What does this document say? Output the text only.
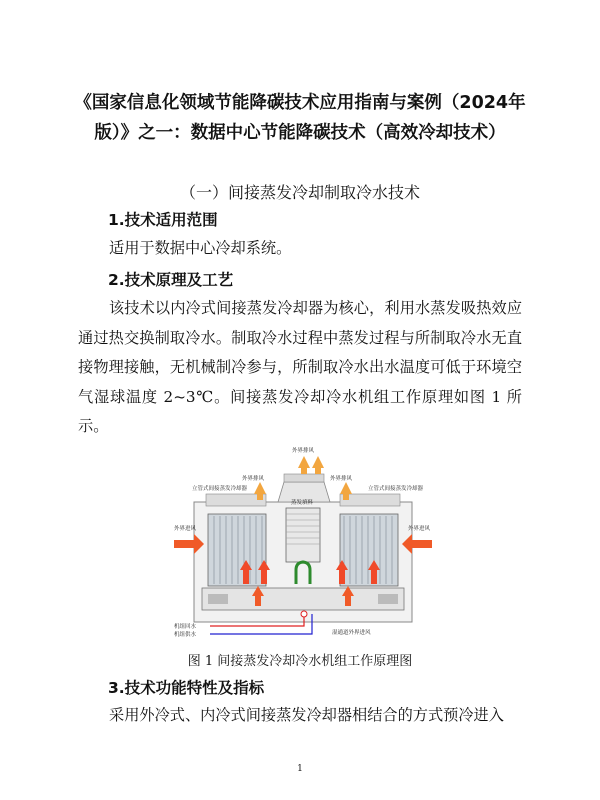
《国家信息化领域节能降碳技术应用指南与案例（2024年版）》之一：数据中心节能降碳技术（高效冷却技术）

（一）间接蒸发冷却制取冷水技术

1.技术适用范围

适用于数据中心冷却系统。

2.技术原理及工艺

该技术以内冷式间接蒸发冷却器为核心，利用水蒸发吸热效应通过热交换制取冷水。制取冷水过程中蒸发过程与所制取冷水无直接物理接触，无机械制冷参与，所制取冷水出水温度可低于环境空气湿球温度 2~3℃。间接蒸发冷却冷水机组工作原理如图 1 所示。

外界排风
外界排风	外界排风
立管式间接蒸发冷却器	立管式间接蒸发冷却器
蒸发填料
外界进风	外界进风
机组回水
机组供水	湿通道外界进风

图 1 间接蒸发冷却冷水机组工作原理图

3.技术功能特性及指标

采用外冷式、内冷式间接蒸发冷却器相结合的方式预冷进入

1
